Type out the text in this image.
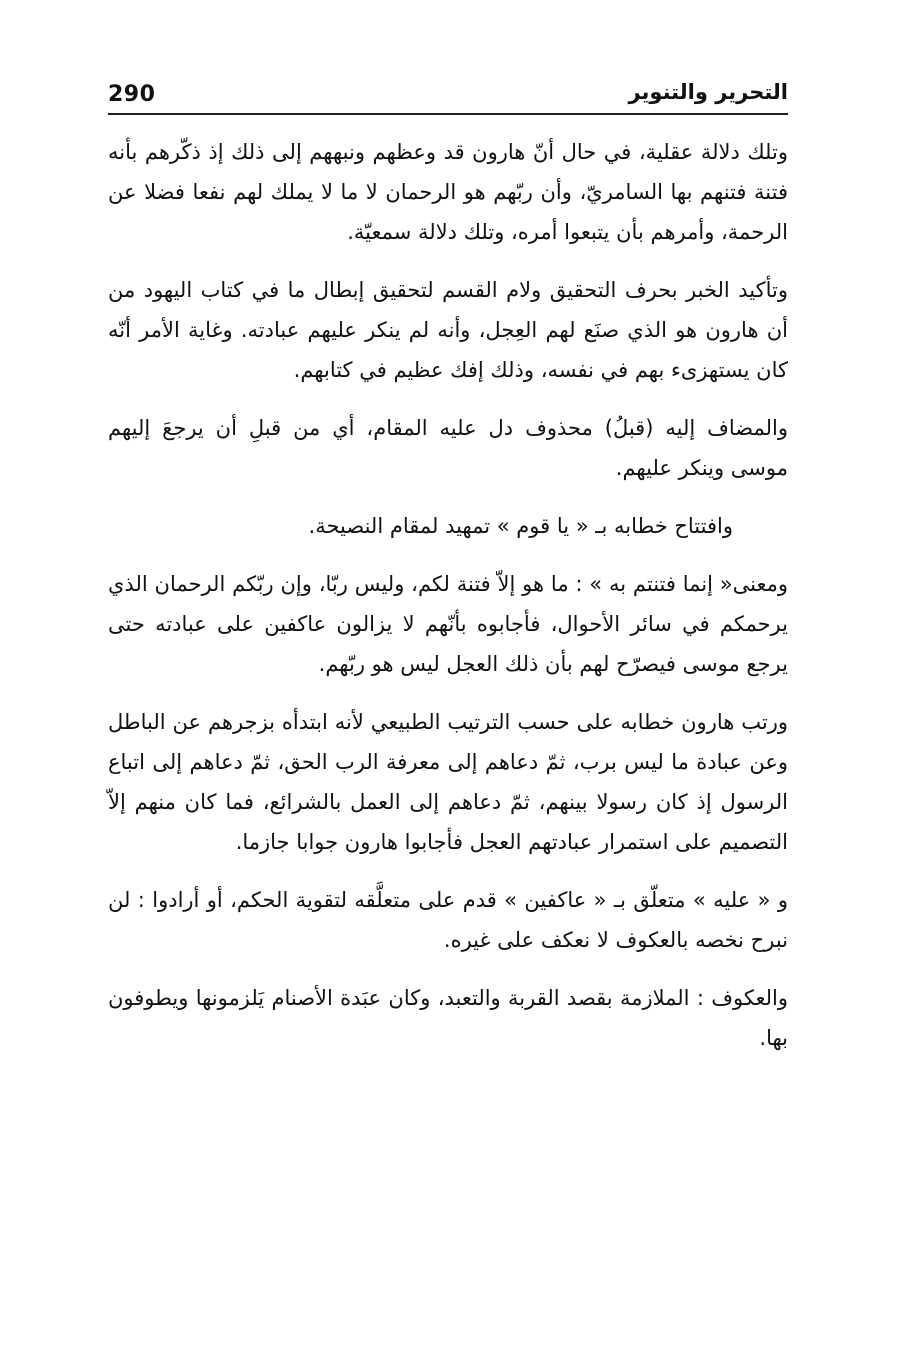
290	التحرير والتنوير

وتلك دلالة عقلية، في حال أنّ هارون قد وعظهم ونبههم إلى ذلك إذ ذكّرهم بأنه فتنة فتنهم بها السامريّ، وأن ربّهم هو الرحمان لا ما لا يملك لهم نفعا فضلا عن الرحمة، وأمرهم بأن يتبعوا أمره، وتلك دلالة سمعيّة.

وتأكيد الخبر بحرف التحقيق ولام القسم لتحقيق إبطال ما في كتاب اليهود من أن هارون هو الذي صنَع لهم العِجل، وأنه لم ينكر عليهم عبادته. وغاية الأمر أنّه كان يستهزىء بهم في نفسه، وذلك إفك عظيم في كتابهم.

والمضاف إليه (قبلُ) محذوف دل عليه المقام، أي من قبلِ أن يرجعَ إليهم موسى وينكر عليهم.

وافتتاح خطابه بـ « يا قوم » تمهيد لمقام النصيحة.

ومعنى« إنما فتنتم به » : ما هو إلاّ فتنة لكم، وليس ربّا، وإن ربّكم الرحمان الذي يرحمكم في سائر الأحوال، فأجابوه بأنّهم لا يزالون عاكفين على عبادته حتى يرجع موسى فيصرّح لهم بأن ذلك العجل ليس هو ربّهم.

ورتب هارون خطابه على حسب الترتيب الطبيعي لأنه ابتدأه بزجرهم عن الباطل وعن عبادة ما ليس برب، ثمّ دعاهم إلى معرفة الرب الحق، ثمّ دعاهم إلى اتباع الرسول إذ كان رسولا بينهم، ثمّ دعاهم إلى العمل بالشرائع، فما كان منهم إلاّ التصميم على استمرار عبادتهم العجل فأجابوا هارون جوابا جازما.

و « عليه » متعلّق بـ « عاكفين » قدم على متعلَّقه لتقوية الحكم، أو أرادوا : لن نبرح نخصه بالعكوف لا نعكف على غيره.

والعكوف : الملازمة بقصد القربة والتعبد، وكان عبَدة الأصنام يَلزمونها ويطوفون بها.
